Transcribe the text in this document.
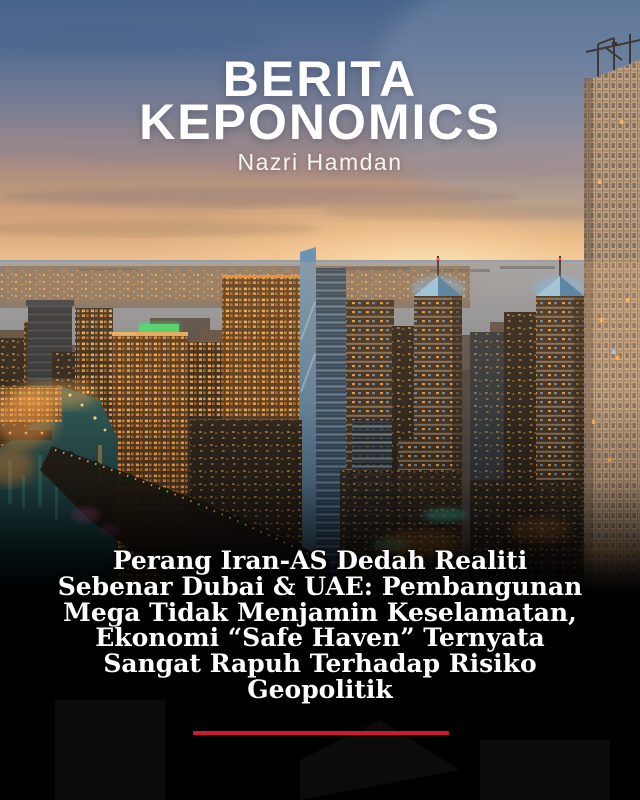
BERITA
KEPONOMICS
Nazri Hamdan
Perang Iran-AS Dedah Realiti
Sebenar Dubai & UAE: Pembangunan
Mega Tidak Menjamin Keselamatan,
Ekonomi “Safe Haven” Ternyata
Sangat Rapuh Terhadap Risiko
Geopolitik
